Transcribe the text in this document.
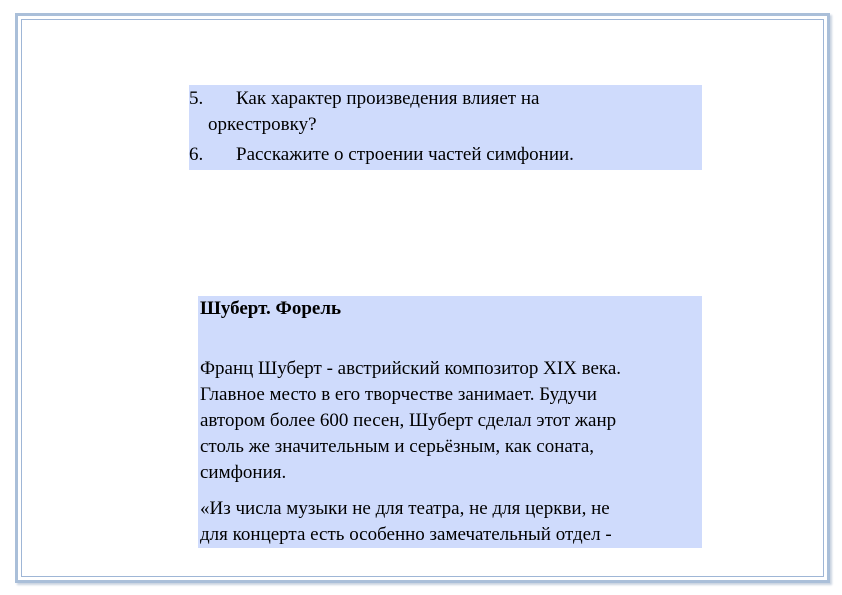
5. Как характер произведения влияет на
оркестровку?
6. Расскажите о строении частей симфонии.
Шуберт. Форель
Франц Шуберт - австрийский композитор XIX века.
Главное место в его творчестве занимает. Будучи
автором более 600 песен, Шуберт сделал этот жанр
столь же значительным и серьёзным, как соната,
симфония.
«Из числа музыки не для театра, не для церкви, не
для концерта есть особенно замечательный отдел -
